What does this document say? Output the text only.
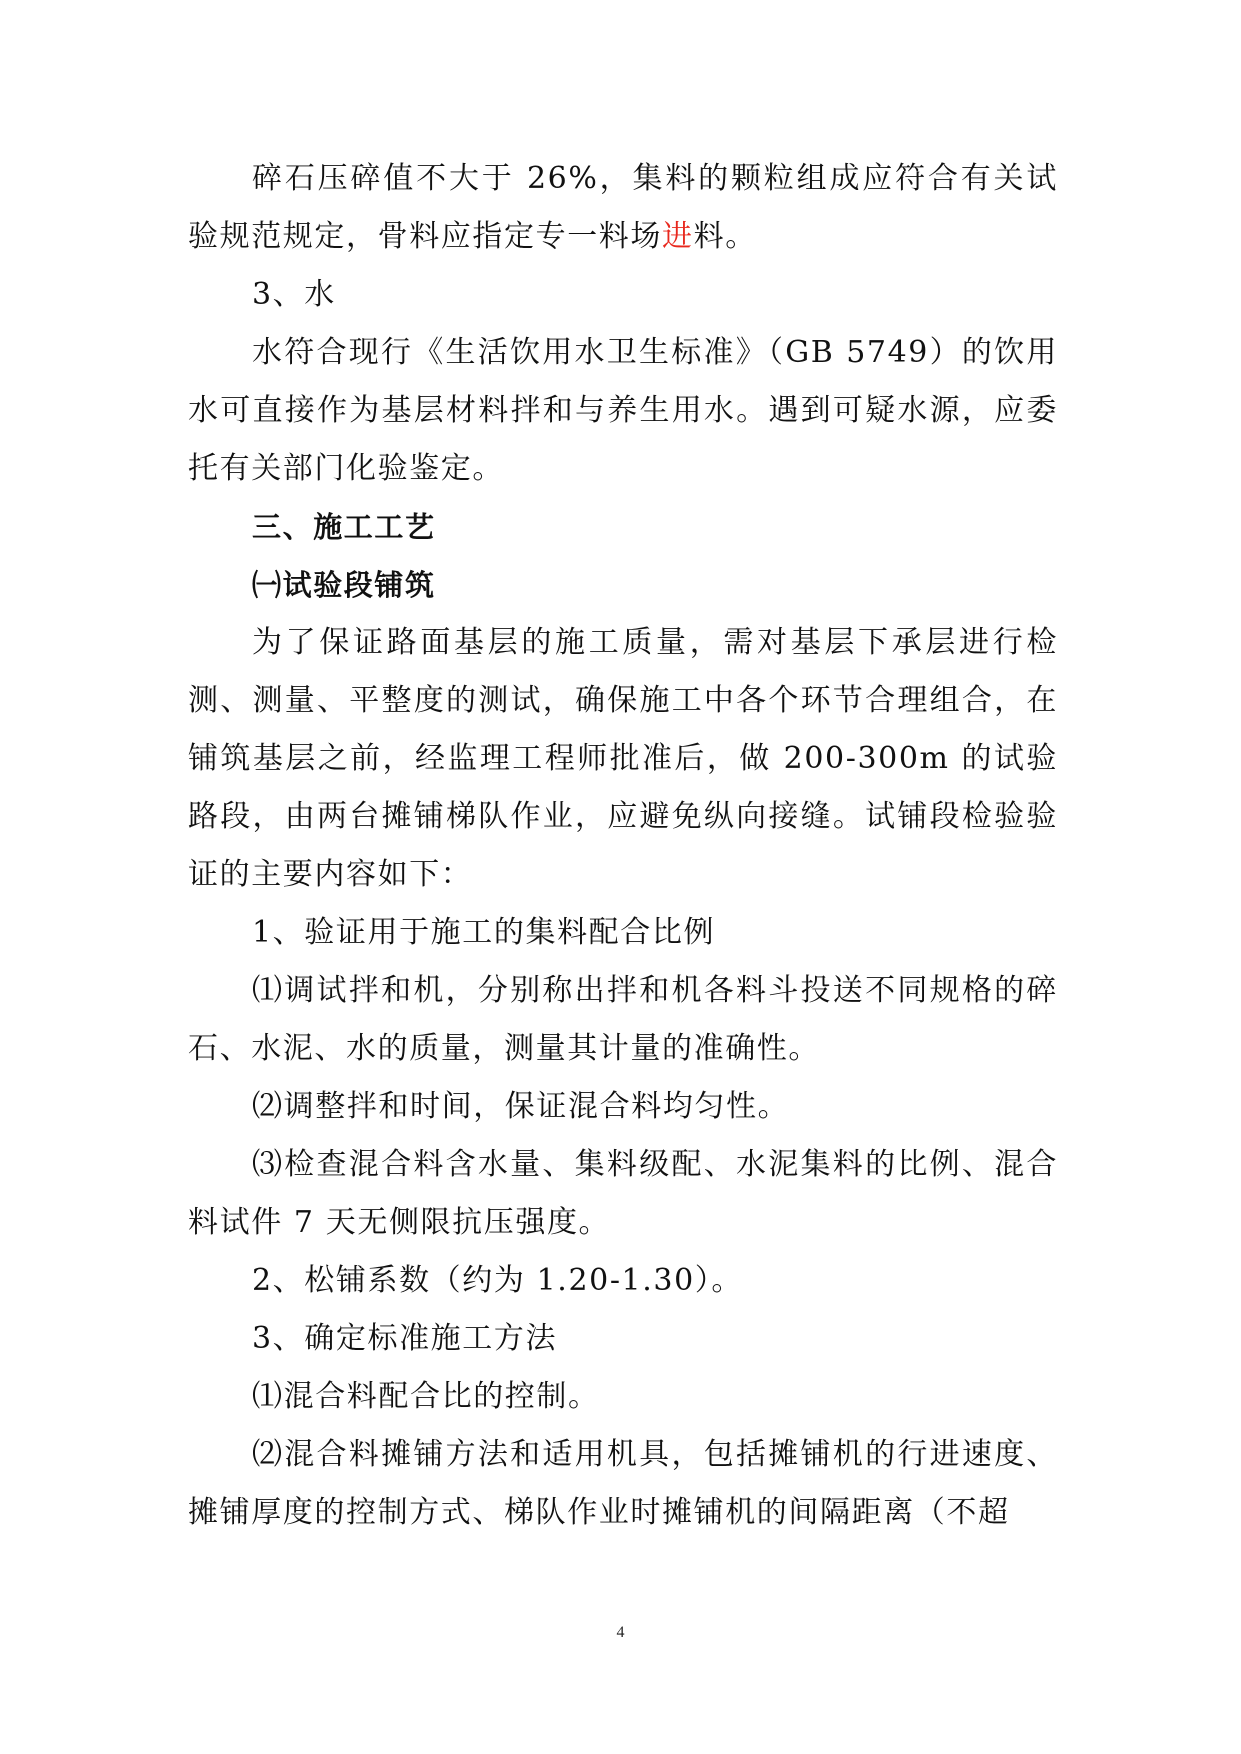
碎石压碎值不大于 26%，集料的颗粒组成应符合有关试验规范规定，骨料应指定专一料场进料。

3、水

水符合现行《生活饮用水卫生标准》（GB 5749）的饮用水可直接作为基层材料拌和与养生用水。遇到可疑水源，应委托有关部门化验鉴定。

三、施工工艺

㈠试验段铺筑

为了保证路面基层的施工质量，需对基层下承层进行检测、测量、平整度的测试，确保施工中各个环节合理组合，在铺筑基层之前，经监理工程师批准后，做 200-300m 的试验路段，由两台摊铺梯队作业，应避免纵向接缝。试铺段检验验证的主要内容如下：

1、验证用于施工的集料配合比例

⑴调试拌和机，分别称出拌和机各料斗投送不同规格的碎石、水泥、水的质量，测量其计量的准确性。

⑵调整拌和时间，保证混合料均匀性。

⑶检查混合料含水量、集料级配、水泥集料的比例、混合料试件 7 天无侧限抗压强度。

2、松铺系数（约为 1.20-1.30）。

3、确定标准施工方法

⑴混合料配合比的控制。

⑵混合料摊铺方法和适用机具，包括摊铺机的行进速度、摊铺厚度的控制方式、梯队作业时摊铺机的间隔距离（不超

4
